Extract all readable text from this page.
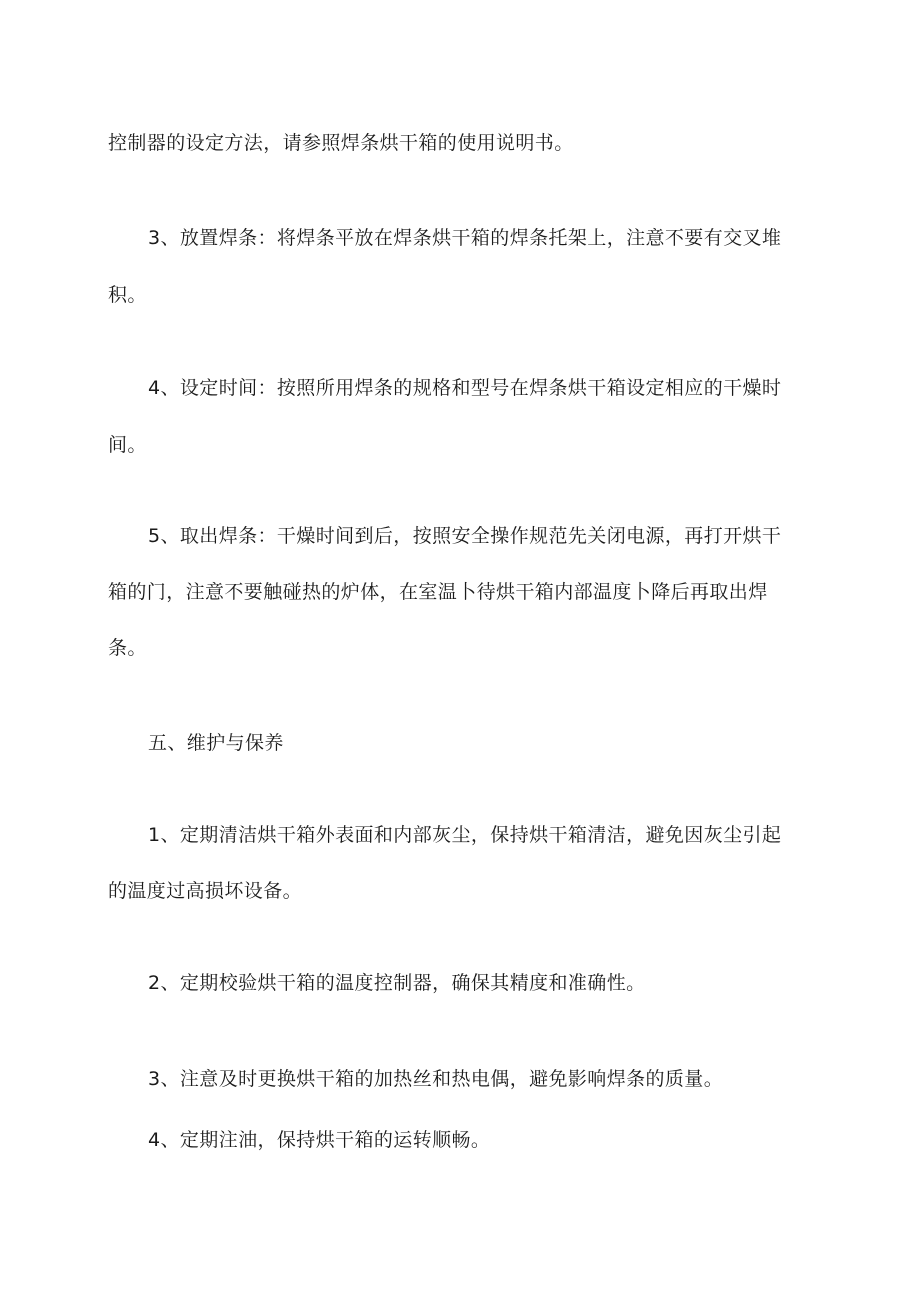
控制器的设定方法，请参照焊条烘干箱的使用说明书。
3、放置焊条：将焊条平放在焊条烘干箱的焊条托架上，注意不要有交叉堆
积。
4、设定时间：按照所用焊条的规格和型号在焊条烘干箱设定相应的干燥时
间。
5、取出焊条：干燥时间到后，按照安全操作规范先关闭电源，再打开烘干
箱的门，注意不要触碰热的炉体，在室温卜待烘干箱内部温度卜降后再取出焊
条。
五、维护与保养
1、定期清洁烘干箱外表面和内部灰尘，保持烘干箱清洁，避免因灰尘引起
的温度过高损坏设备。
2、定期校验烘干箱的温度控制器，确保其精度和准确性。
3、注意及时更换烘干箱的加热丝和热电偶，避免影响焊条的质量。
4、定期注油，保持烘干箱的运转顺畅。
